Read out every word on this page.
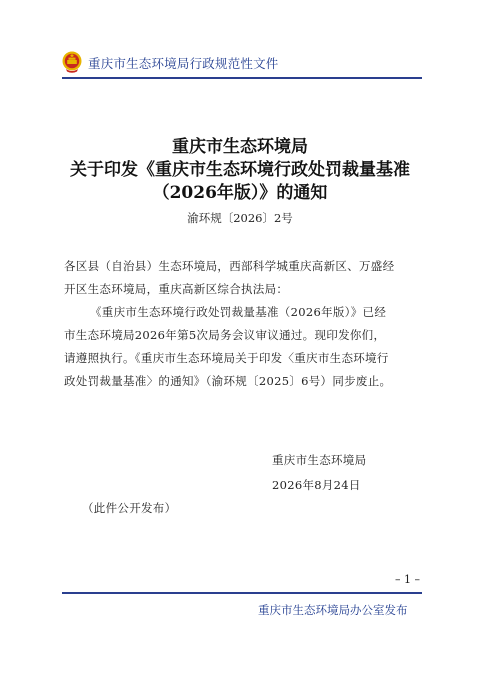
重庆市生态环境局行政规范性文件
重庆市生态环境局
关于印发《重庆市生态环境行政处罚裁量基准
（2026年版）》的通知
渝环规〔2026〕2号
各区县（自治县）生态环境局，西部科学城重庆高新区、万盛经
开区生态环境局，重庆高新区综合执法局：
《重庆市生态环境行政处罚裁量基准（2026年版）》已经
市生态环境局2026年第5次局务会议审议通过。现印发你们，
请遵照执行。《重庆市生态环境局关于印发〈重庆市生态环境行
政处罚裁量基准〉的通知》（渝环规〔2025〕6号）同步废止。
重庆市生态环境局
2026年8月24日
（此件公开发布）
– 1 –
重庆市生态环境局办公室发布
